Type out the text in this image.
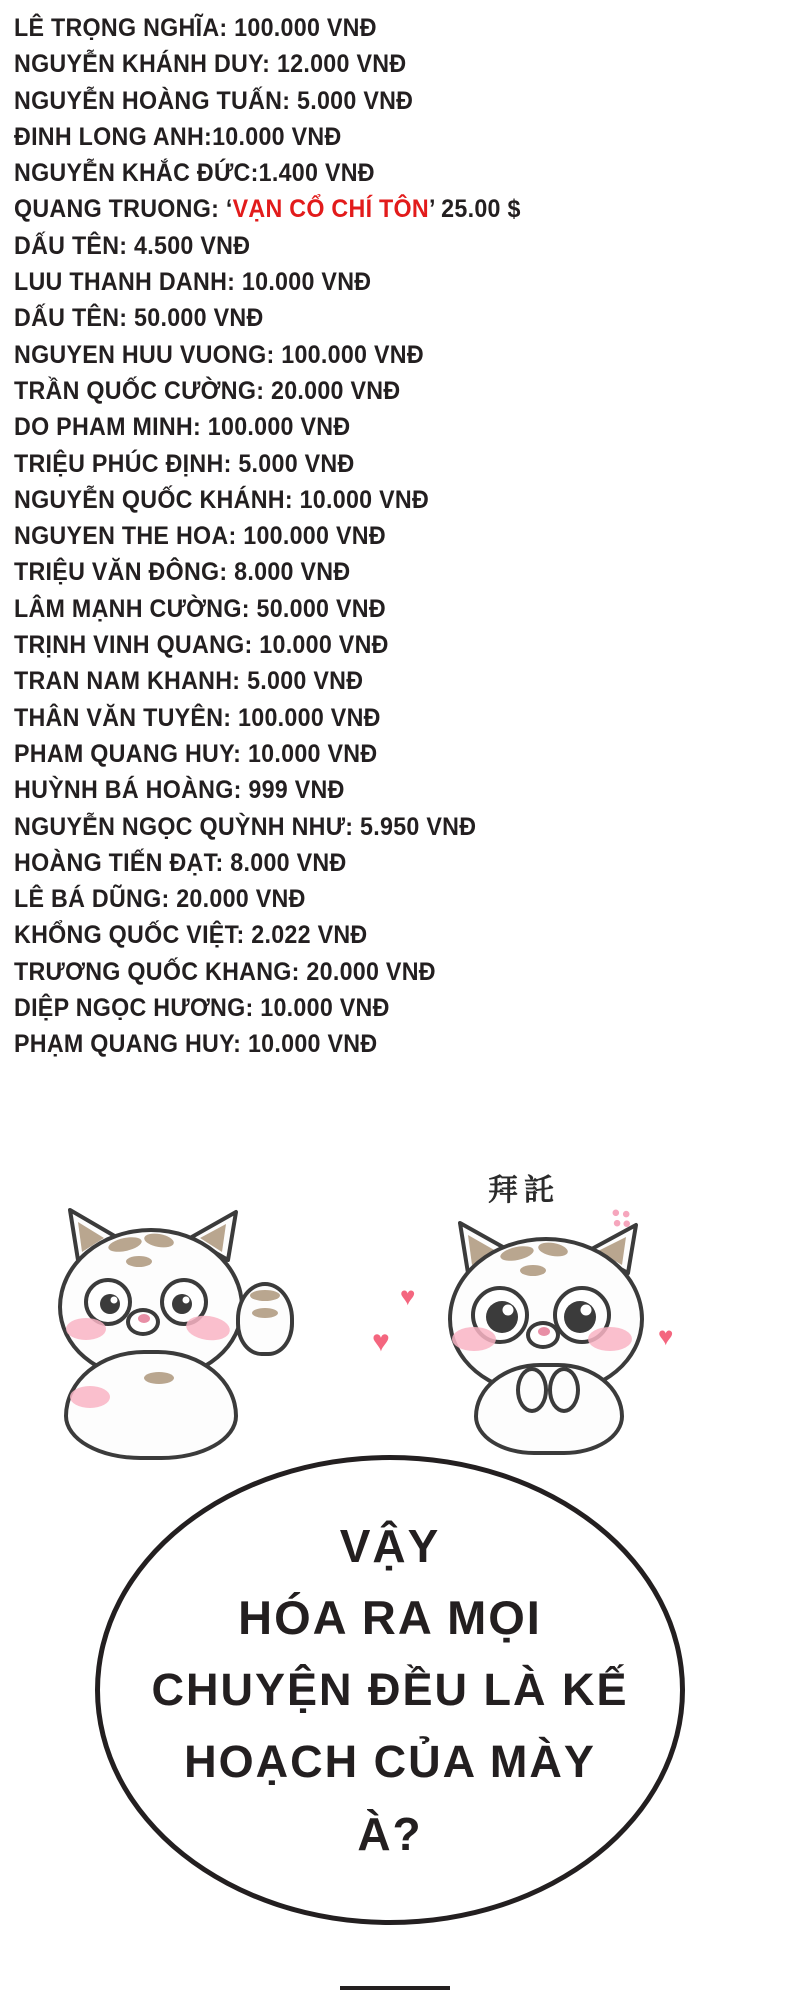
LÊ TRỌNG NGHĨA: 100.000 VNĐ
NGUYỄN KHÁNH DUY: 12.000 VNĐ
NGUYỄN HOÀNG TUẤN: 5.000 VNĐ
ĐINH LONG ANH:10.000 VNĐ
NGUYỄN KHẮC ĐỨC:1.400 VNĐ
QUANG TRUONG: ‘VẠN CỔ CHÍ TÔN’ 25.00 $
DẤU TÊN: 4.500 VNĐ
LUU THANH DANH: 10.000 VNĐ
DẤU TÊN: 50.000 VNĐ
NGUYEN HUU VUONG: 100.000 VNĐ
TRẦN QUỐC CƯỜNG: 20.000 VNĐ
DO PHAM MINH: 100.000 VNĐ
TRIỆU PHÚC ĐỊNH: 5.000 VNĐ
NGUYỄN QUỐC KHÁNH: 10.000 VNĐ
NGUYEN THE HOA: 100.000 VNĐ
TRIỆU VĂN ĐÔNG: 8.000 VNĐ
LÂM MẠNH CƯỜNG: 50.000 VNĐ
TRỊNH VINH QUANG: 10.000 VNĐ
TRAN NAM KHANH: 5.000 VNĐ
THÂN VĂN TUYÊN: 100.000 VNĐ
PHAM QUANG HUY: 10.000 VNĐ
HUỲNH BÁ HOÀNG: 999 VNĐ
NGUYỄN NGỌC QUỲNH NHƯ: 5.950 VNĐ
HOÀNG TIẾN ĐẠT: 8.000 VNĐ
LÊ BÁ DŨNG: 20.000 VNĐ
KHỔNG QUỐC VIỆT: 2.022 VNĐ
TRƯƠNG QUỐC KHANG: 20.000 VNĐ
DIỆP NGỌC HƯƠNG: 10.000 VNĐ
PHẠM QUANG HUY: 10.000 VNĐ
拜託
♥
♥	♥
VẬY
HÓA RA MỌI
CHUYỆN ĐỀU LÀ KẾ
HOẠCH CỦA MÀY
À?
